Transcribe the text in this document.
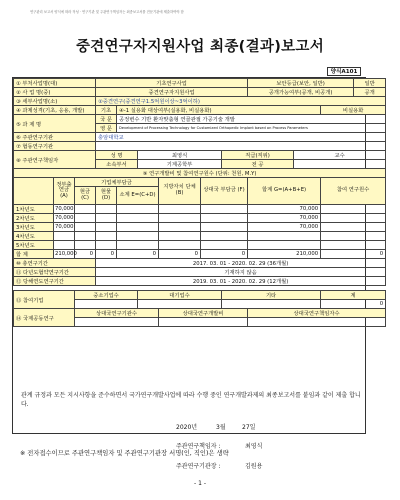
연구관리 보고서 양식에 따라 작성 · 연구기관 및 주관연구책임자는 최종보고서를 전문기관에 제출하여야 함
중견연구자지원사업 최종(결과)보고서
양식A101
① 부처사업명(대)			기초연구사업						보안등급(보안, 일반)			일반
② 사 업 명(중)			중견연구자지원사업						공개가능여부(공개, 비공개)			공개
③ 세부사업명(소)			②중견연구(중견연구1.5억원이상~3억이하)									
④ 과제성격(기초, 응용, 개발)			기초	④-1 실용화 대상여부(실용화, 비실용화)							비실용화	
⑤ 과 제 명			국 문	공정변수 기반 환자맞춤형 연골관절 가공기술 개발								
			영 문	Development of Processing Technology for Customized Orthopedic Implant based on Process Parameters								
⑥ 주관연구기관			충암대학교									
⑦ 협동연구기관												
⑧ 주관연구책임자			성 명		최영식			직급(직위)		교수		
			소속부서		기계공학부			전 공				
⑨ 연구개발비 및 참여연구원수 (단위: 천원, M.Y)												
	정부출연금 (A)	기업체부담금				지방자치 단체 (B)	상대국 부담금 (F)		합계 G=(A+B+E)		참여 연구원수	
		현금 (C)	현물 (D)	소계 E=(C+D)								
1차년도	70,000								70,000			
2차년도	70,000								70,000			
3차년도	70,000								70,000			
4차년도												
5차년도												
합 계	210,000	0	0	0		0	0		210,000		0	
⑩ 총연구기간			2017. 03. 01 - 2020. 02. 29 (36개월)									
⑪ 다년도협약연구기간			기재하지 않음									
⑫ 당해연도연구기간			2019. 03. 01 - 2020. 02. 29 (12개월)									

⑬ 참여기업		중소기업수			대기업수			기타			계	
											0	
⑭ 국제공동연구		상대국연구기관수				상대국연구개발비			상대국연구책임자수			

관계 규정과 모든 지시사항을 준수하면서 국가연구개발사업에 따라 수행 중인 연구개발과제의 최종보고서를 붙임과 같이 제출 합니다.
2020년	3월	27일
주관연구책임자 :	최영식
주관연구기관장 :	김원용
※ 전자접수이므로 주관연구책임자 및 주관연구기관장 서명(인, 직인)은 생략
- 1 -
